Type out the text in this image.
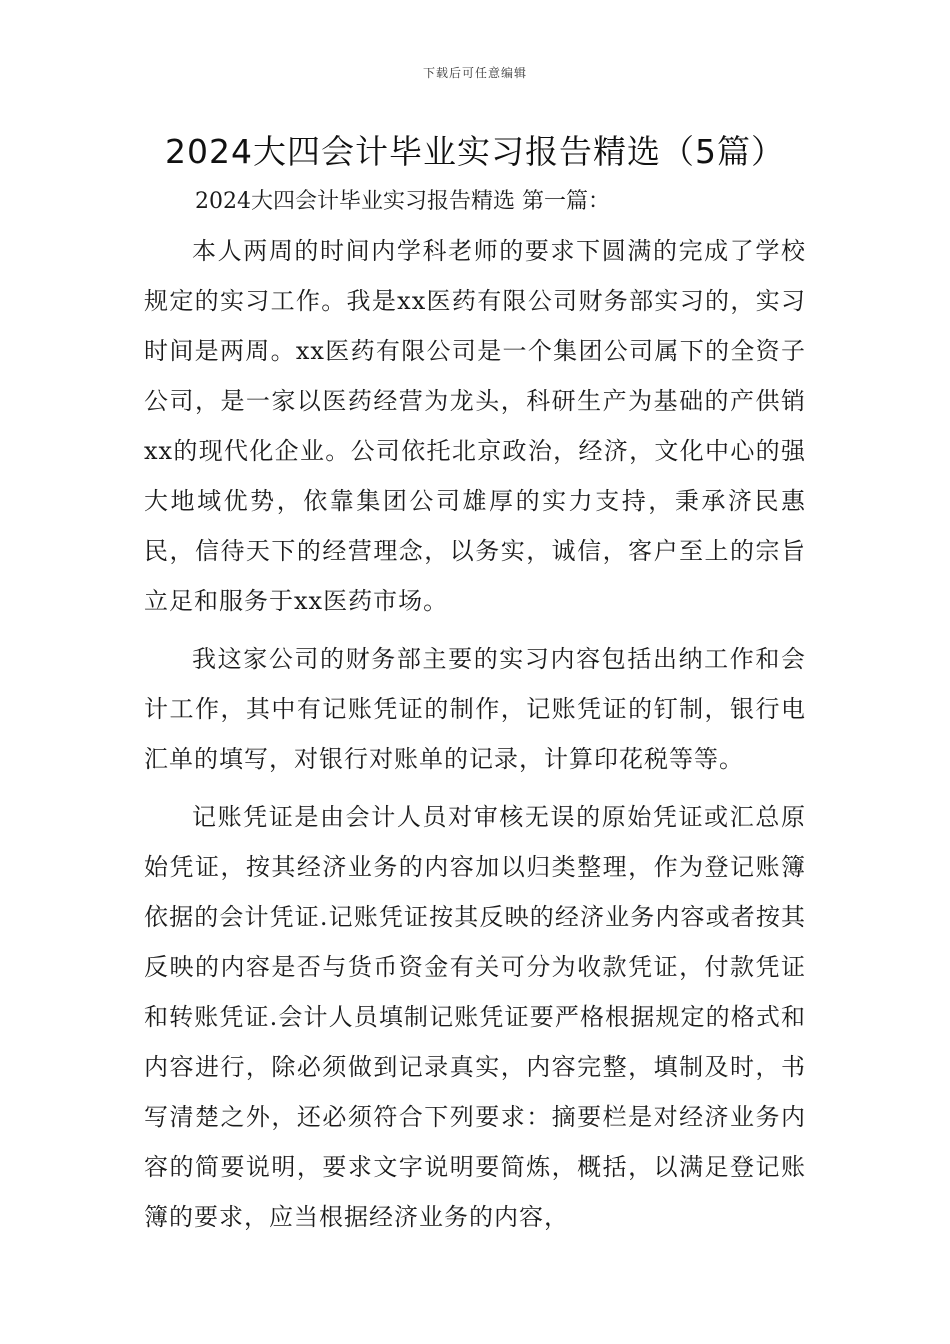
下载后可任意编辑
2024大四会计毕业实习报告精选（5篇）
2024大四会计毕业实习报告精选 第一篇：

本人两周的时间内学科老师的要求下圆满的完成了学校规定的实习工作。我是xx医药有限公司财务部实习的，实习时间是两周。xx医药有限公司是一个集团公司属下的全资子公司，是一家以医药经营为龙头，科研生产为基础的产供销xx的现代化企业。公司依托北京政治，经济，文化中心的强大地域优势，依靠集团公司雄厚的实力支持，秉承济民惠民，信待天下的经营理念，以务实，诚信，客户至上的宗旨立足和服务于xx医药市场。

我这家公司的财务部主要的实习内容包括出纳工作和会计工作，其中有记账凭证的制作，记账凭证的钉制，银行电汇单的填写，对银行对账单的记录，计算印花税等等。

记账凭证是由会计人员对审核无误的原始凭证或汇总原始凭证，按其经济业务的内容加以归类整理，作为登记账簿依据的会计凭证.记账凭证按其反映的经济业务内容或者按其反映的内容是否与货币资金有关可分为收款凭证，付款凭证和转账凭证.会计人员填制记账凭证要严格根据规定的格式和内容进行，除必须做到记录真实，内容完整，填制及时，书写清楚之外，还必须符合下列要求：摘要栏是对经济业务内容的简要说明，要求文字说明要简炼，概括，以满足登记账簿的要求，应当根据经济业务的内容，
